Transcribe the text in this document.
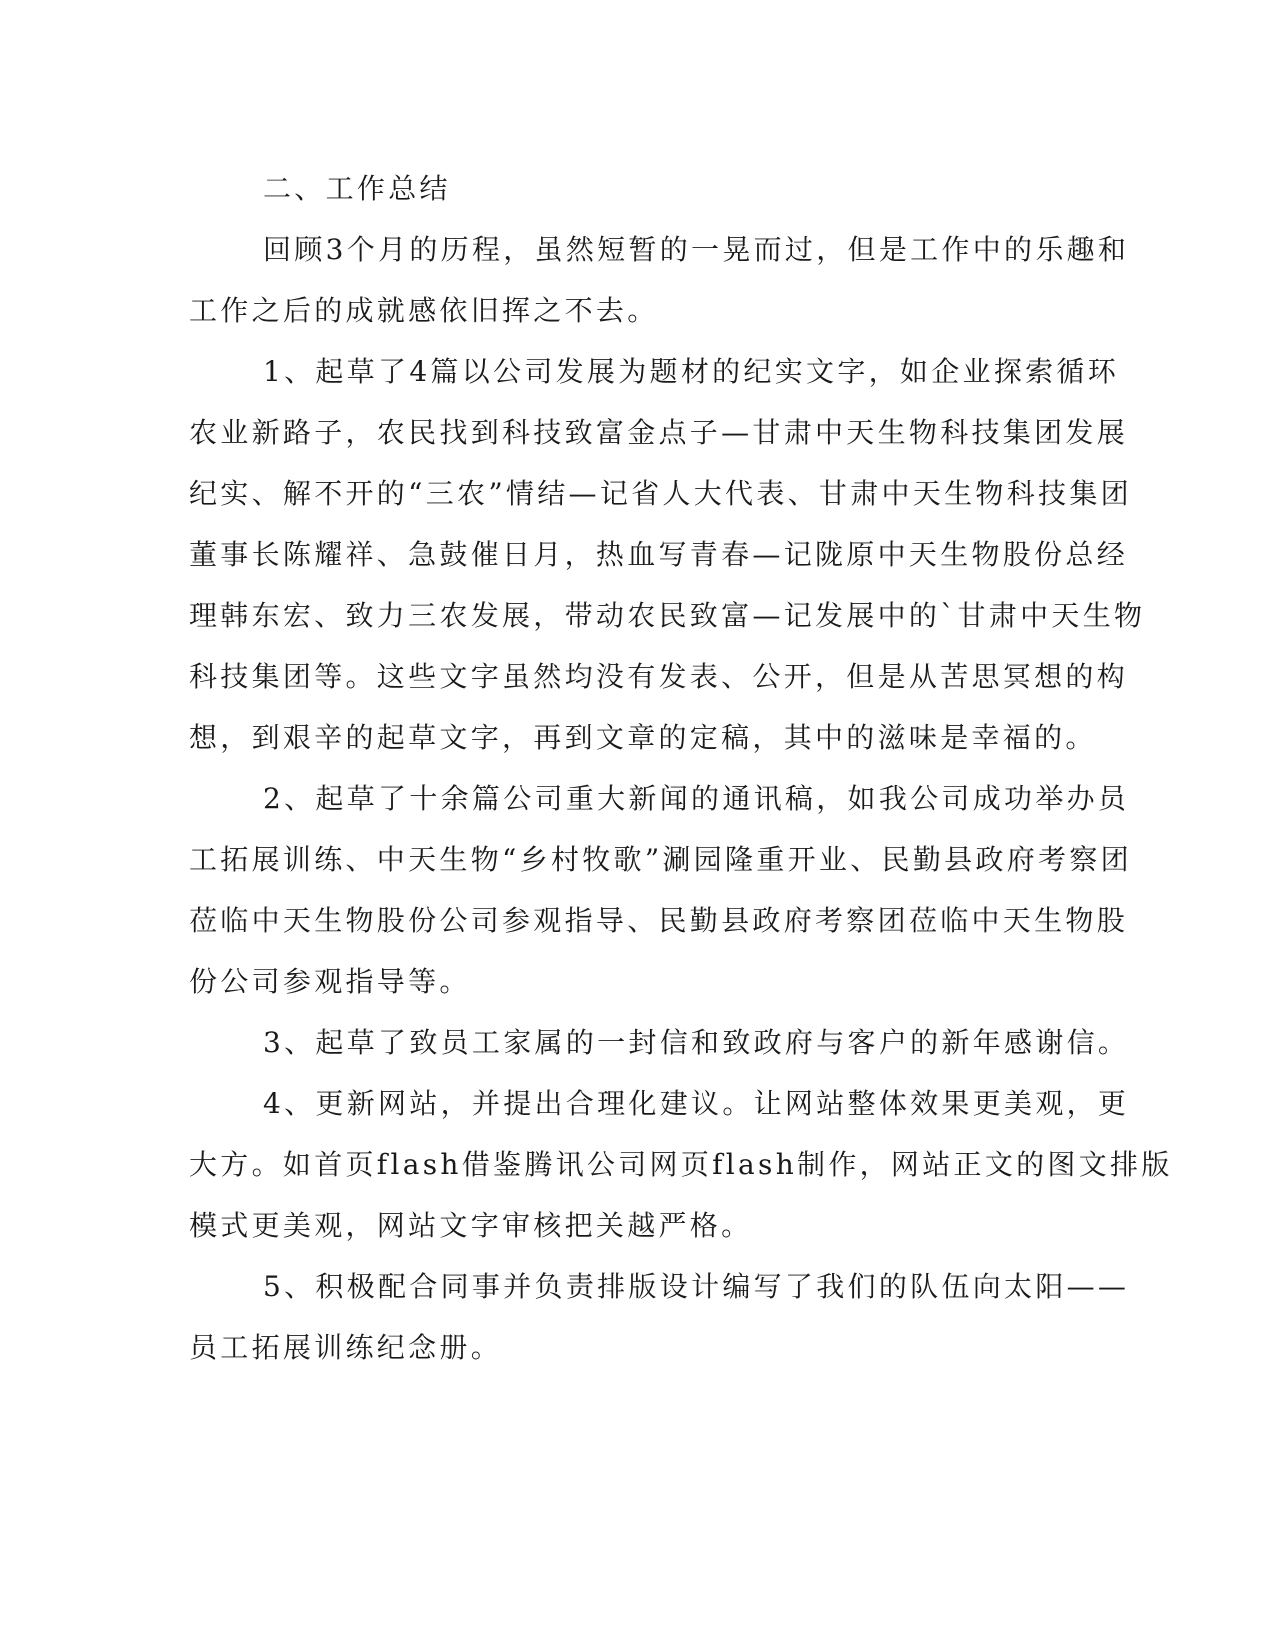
二、工作总结
回顾3个月的历程，虽然短暂的一晃而过，但是工作中的乐趣和
工作之后的成就感依旧挥之不去。
1、起草了4篇以公司发展为题材的纪实文字，如企业探索循环
农业新路子，农民找到科技致富金点子—甘肃中天生物科技集团发展
纪实、解不开的“三农”情结—记省人大代表、甘肃中天生物科技集团
董事长陈耀祥、急鼓催日月，热血写青春—记陇原中天生物股份总经
理韩东宏、致力三农发展，带动农民致富—记发展中的`甘肃中天生物
科技集团等。这些文字虽然均没有发表、公开，但是从苦思冥想的构
想，到艰辛的起草文字，再到文章的定稿，其中的滋味是幸福的。
2、起草了十余篇公司重大新闻的通讯稿，如我公司成功举办员
工拓展训练、中天生物“乡村牧歌”涮园隆重开业、民勤县政府考察团
莅临中天生物股份公司参观指导、民勤县政府考察团莅临中天生物股
份公司参观指导等。
3、起草了致员工家属的一封信和致政府与客户的新年感谢信。
4、更新网站，并提出合理化建议。让网站整体效果更美观，更
大方。如首页flash借鉴腾讯公司网页flash制作，网站正文的图文排版
模式更美观，网站文字审核把关越严格。
5、积极配合同事并负责排版设计编写了我们的队伍向太阳——
员工拓展训练纪念册。
